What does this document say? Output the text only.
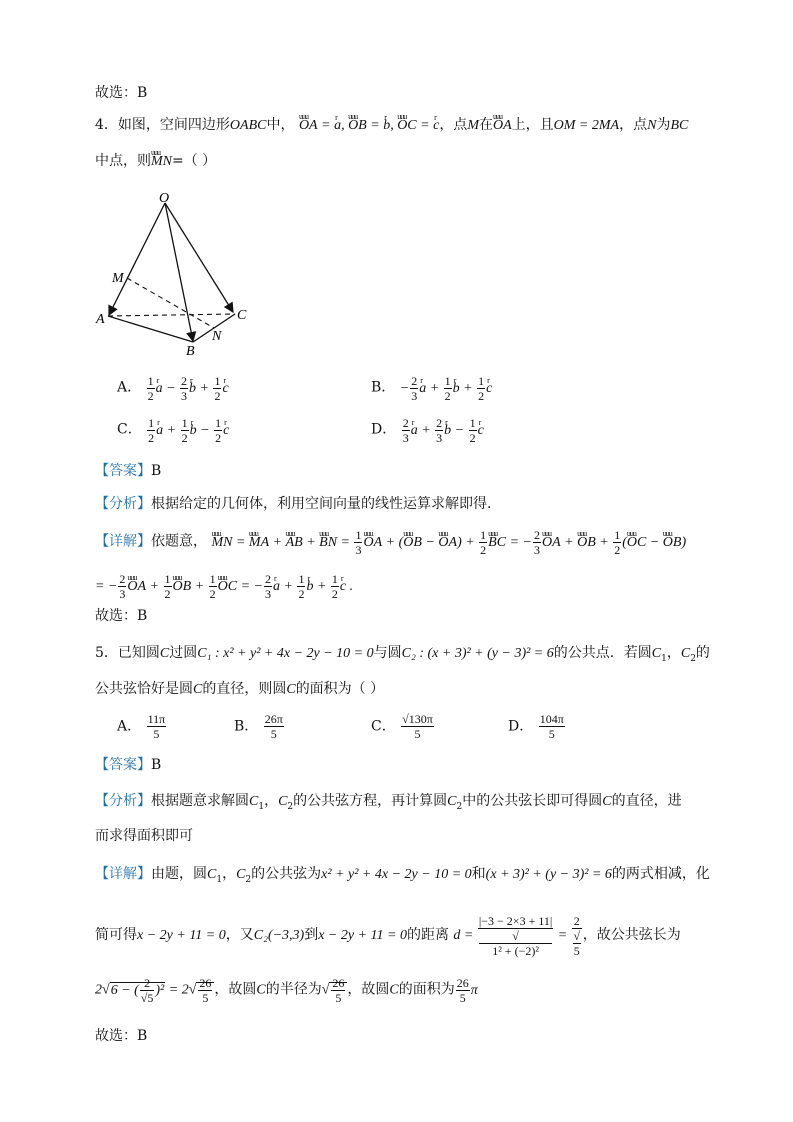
故选：B
4．如图，空间四边形OABC中， uuu OA = r a, uuu OB = r b, uuu OC = r c，点M在uuu OA上，且OM = 2MA，点N为BC
中点，则uuu MN=（ ）
O
M
A	C
B
N
A． $\frac{1}{2}$ r $a - \frac{2}{3}$ r $b + \frac{1}{2}$ r c	B． − $\frac{2}{3}$ r $a + \frac{1}{2}$ r $b + \frac{1}{2}$ r c
C． $\frac{1}{2}$ r $a + \frac{1}{2}$ r $b - \frac{1}{2}$ r c	D． $\frac{2}{3}$ r $a + \frac{2}{3}$ r $b - \frac{1}{2}$ r c
【答案】B
【分析】根据给定的几何体，利用空间向量的线性运算求解即得.
【详解】依题意， uuu MN = uuu MA + uuu AB + uuu BN = $\frac{1}{3}$ uuu OA + (uuu OB − uuu $OA) + \frac{1}{2}$ uuu BC = − $\frac{2}{3}$ uuu OA + uuu OB + $\frac{1}{2} (uuu$ OC − uuu OB)
= − $\frac{2}{3}$ uuu OA + $\frac{1}{2}$ uuu OB + $\frac{1}{2}$ uuu OC = − $\frac{2}{3}$ r $a + \frac{1}{2}$ r $b + \frac{1}{2}$ r c .
故选：B
5．已知圆C过圆C₁ : x² + y² + 4x − 2y − 10 = 0与圆C₂ : (x + 3)² + (y − 3)² = 6的公共点．若圆$C_1$，$C_2$的
公共弦恰好是圆C的直径，则圆C的面积为（ ）
A． $\frac{11\pi}{5}$	B． $\frac{26\pi}{5}$	C． $\frac{√130\pi}{5}$	D． $\frac{104\pi}{5}$
【答案】B
【分析】根据题意求解圆$C_1$，$C_2$的公共弦方程，再计算圆$C_2$中的公共弦长即可得圆C的直径，进
而求得面积即可
【详解】由题，圆$C_1$，$C_2$的公共弦为x² + y² + 4x − 2y − 10 = 0和(x + 3)² + (y − 3)² = 6的两式相减，化
简可得x − 2y + 11 = 0，又C₂(−3,3)到x − 2y + 11 = 0的距离 d = |−3 − 2×3 + 11|
√
1² + (−2)² = 2
√
5 ，故公共弦长为
2√6 − ( $\frac{2}{√5} )^2 = 2√ \frac{26}{5}$ ，故圆C的半径为√ $\frac{26}{5}$ ，故圆C的面积为 $\frac{26}{5}$ π
故选：B
